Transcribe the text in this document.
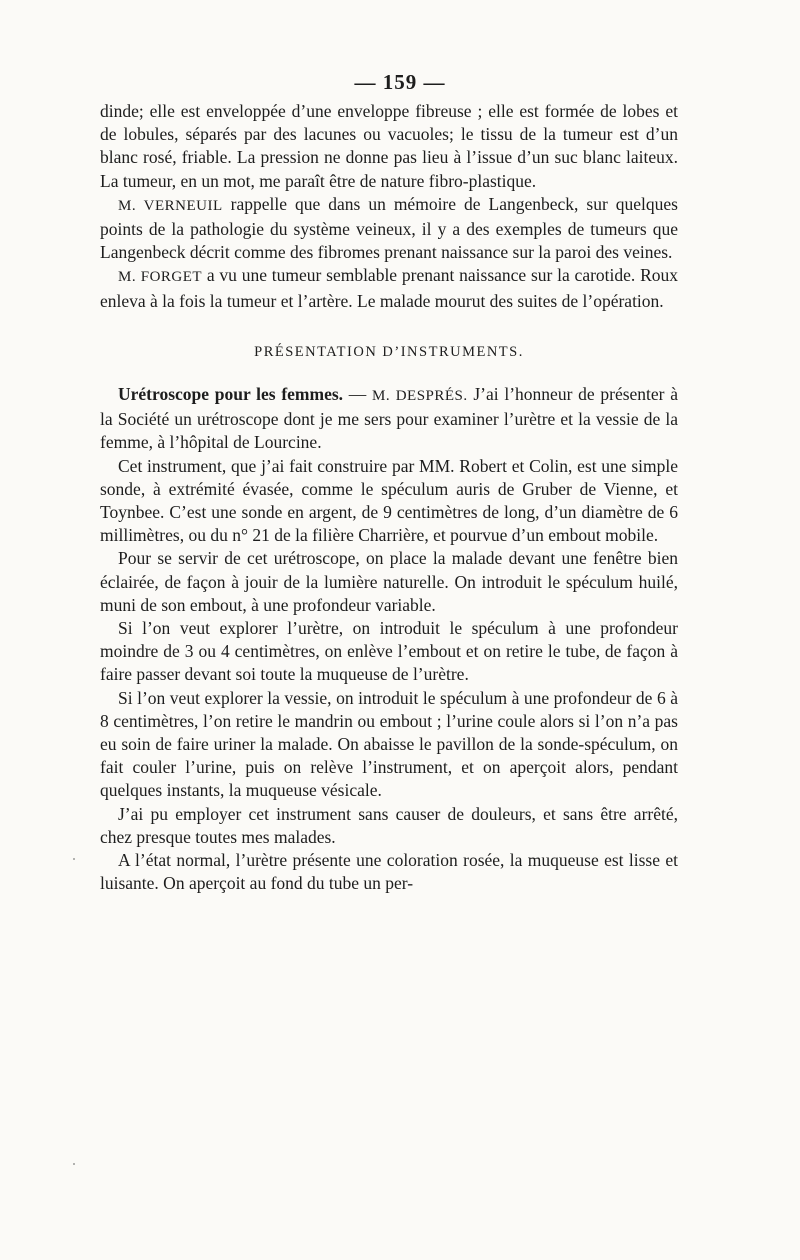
— 159 —

dinde; elle est enveloppée d’une enveloppe fibreuse ; elle est formée de lobes et de lobules, séparés par des lacunes ou vacuoles; le tissu de la tumeur est d’un blanc rosé, friable. La pression ne donne pas lieu à l’issue d’un suc blanc laiteux. La tumeur, en un mot, me paraît être de nature fibro-plastique.

M. VERNEUIL rappelle que dans un mémoire de Langenbeck, sur quelques points de la pathologie du système veineux, il y a des exemples de tumeurs que Langenbeck décrit comme des fibromes prenant naissance sur la paroi des veines.

M. FORGET a vu une tumeur semblable prenant naissance sur la carotide. Roux enleva à la fois la tumeur et l’artère. Le malade mourut des suites de l’opération.

PRÉSENTATION D’INSTRUMENTS.

Urétroscope pour les femmes. — M. DESPRÉS. J’ai l’honneur de présenter à la Société un urétroscope dont je me sers pour examiner l’urètre et la vessie de la femme, à l’hôpital de Lourcine.

Cet instrument, que j’ai fait construire par MM. Robert et Colin, est une simple sonde, à extrémité évasée, comme le spéculum auris de Gruber de Vienne, et Toynbee. C’est une sonde en argent, de 9 centimètres de long, d’un diamètre de 6 millimètres, ou du n° 21 de la filière Charrière, et pourvue d’un embout mobile.

Pour se servir de cet urétroscope, on place la malade devant une fenêtre bien éclairée, de façon à jouir de la lumière naturelle. On introduit le spéculum huilé, muni de son embout, à une profondeur variable.

Si l’on veut explorer l’urètre, on introduit le spéculum à une profondeur moindre de 3 ou 4 centimètres, on enlève l’embout et on retire le tube, de façon à faire passer devant soi toute la muqueuse de l’urètre.

Si l’on veut explorer la vessie, on introduit le spéculum à une profondeur de 6 à 8 centimètres, l’on retire le mandrin ou embout ; l’urine coule alors si l’on n’a pas eu soin de faire uriner la malade. On abaisse le pavillon de la sonde-spéculum, on fait couler l’urine, puis on relève l’instrument, et on aperçoit alors, pendant quelques instants, la muqueuse vésicale.

J’ai pu employer cet instrument sans causer de douleurs, et sans être arrêté, chez presque toutes mes malades.

A l’état normal, l’urètre présente une coloration rosée, la muqueuse est lisse et luisante. On aperçoit au fond du tube un per-
